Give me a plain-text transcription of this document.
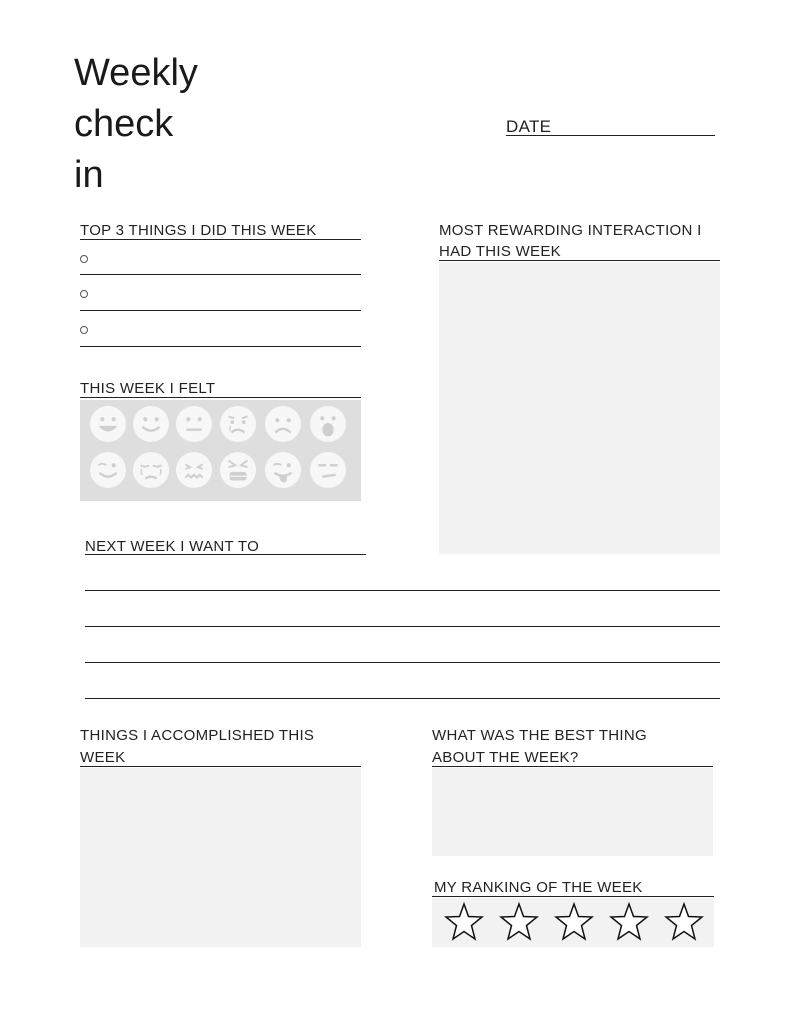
Weekly
check
in
DATE
TOP 3 THINGS I DID THIS WEEK
THIS WEEK I FELT
MOST REWARDING INTERACTION I
HAD THIS WEEK
NEXT WEEK I WANT TO
THINGS I ACCOMPLISHED THIS
WEEK
WHAT WAS THE BEST THING
ABOUT THE WEEK?
MY RANKING OF THE WEEK
